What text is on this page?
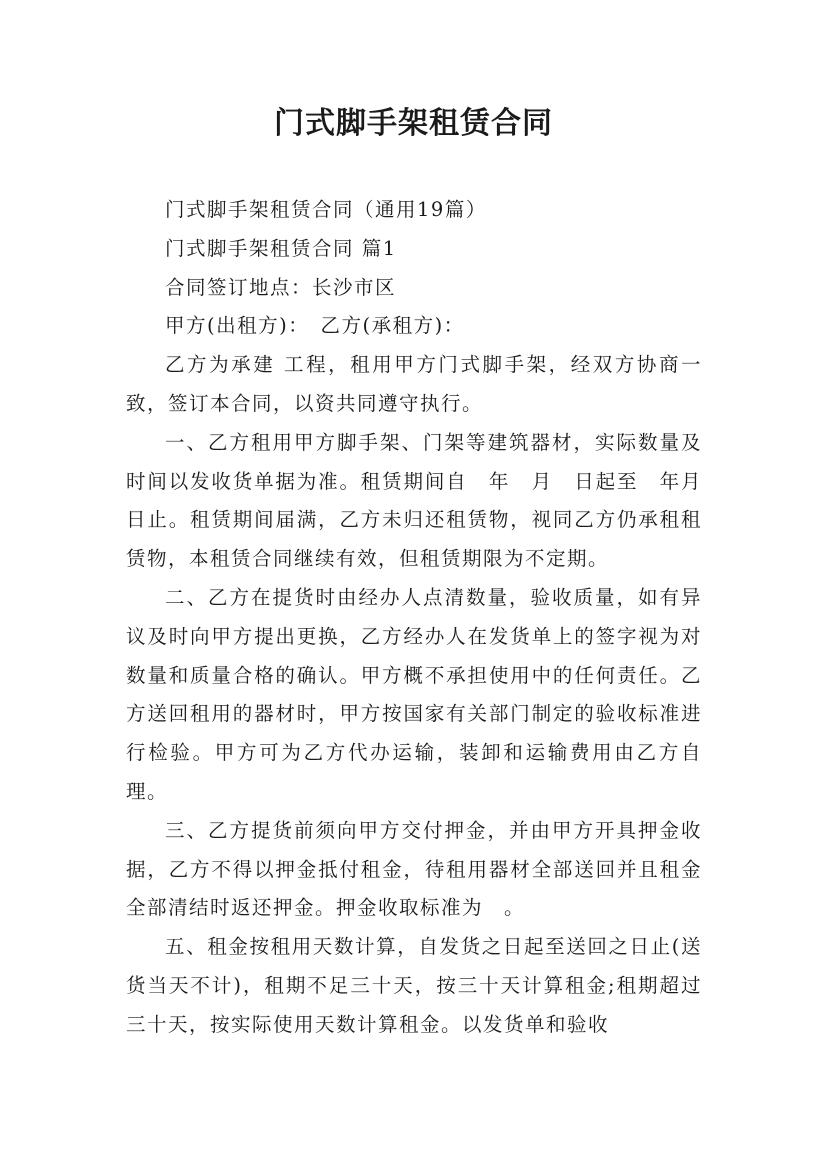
门式脚手架租赁合同

门式脚手架租赁合同（通用19篇）

门式脚手架租赁合同 篇1

合同签订地点：长沙市区

甲方(出租方)：　乙方(承租方)：

乙方为承建 工程，租用甲方门式脚手架，经双方协商一致，签订本合同，以资共同遵守执行。

一、乙方租用甲方脚手架、门架等建筑器材，实际数量及时间以发收货单据为准。租赁期间自　年　月　日起至　年月日止。租赁期间届满，乙方未归还租赁物，视同乙方仍承租租赁物，本租赁合同继续有效，但租赁期限为不定期。

二、乙方在提货时由经办人点清数量，验收质量，如有异议及时向甲方提出更换，乙方经办人在发货单上的签字视为对数量和质量合格的确认。甲方概不承担使用中的任何责任。乙方送回租用的器材时，甲方按国家有关部门制定的验收标准进行检验。甲方可为乙方代办运输，装卸和运输费用由乙方自理。

三、乙方提货前须向甲方交付押金，并由甲方开具押金收据，乙方不得以押金抵付租金，待租用器材全部送回并且租金全部清结时返还押金。押金收取标准为　。

五、租金按租用天数计算，自发货之日起至送回之日止(送货当天不计)，租期不足三十天，按三十天计算租金;租期超过三十天，按实际使用天数计算租金。以发货单和验收
